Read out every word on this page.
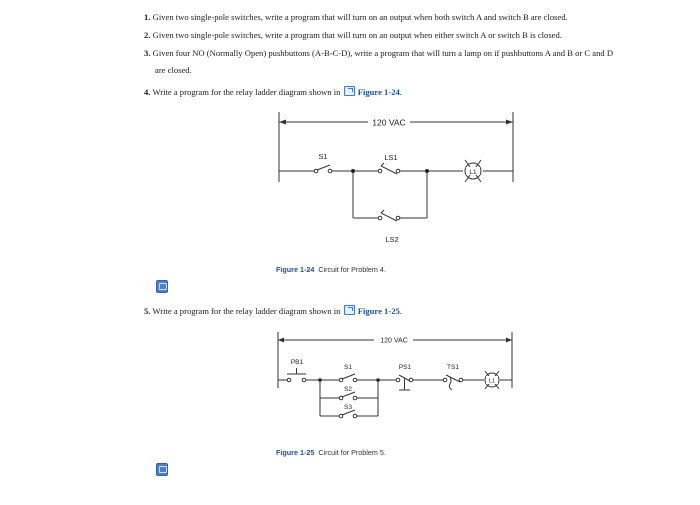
1. Given two single-pole switches, write a program that will turn on an output when both switch A and switch B are closed.
2. Given two single-pole switches, write a program that will turn on an output when either switch A or switch B is closed.
3. Given four NO (Normally Open) pushbuttons (A-B-C-D), write a program that will turn a lamp on if pushbuttons A and B or C and D
are closed.
4. Write a program for the relay ladder diagram shown in Figure 1-24.
120 VAC
S1	LS1
LS2
L1
Figure 1-24 Circuit for Problem 4.
5. Write a program for the relay ladder diagram shown in Figure 1-25.
120 VAC
PB1
S1
S2
S3
PS1	TS1
L1
Figure 1-25 Circuit for Problem 5.
